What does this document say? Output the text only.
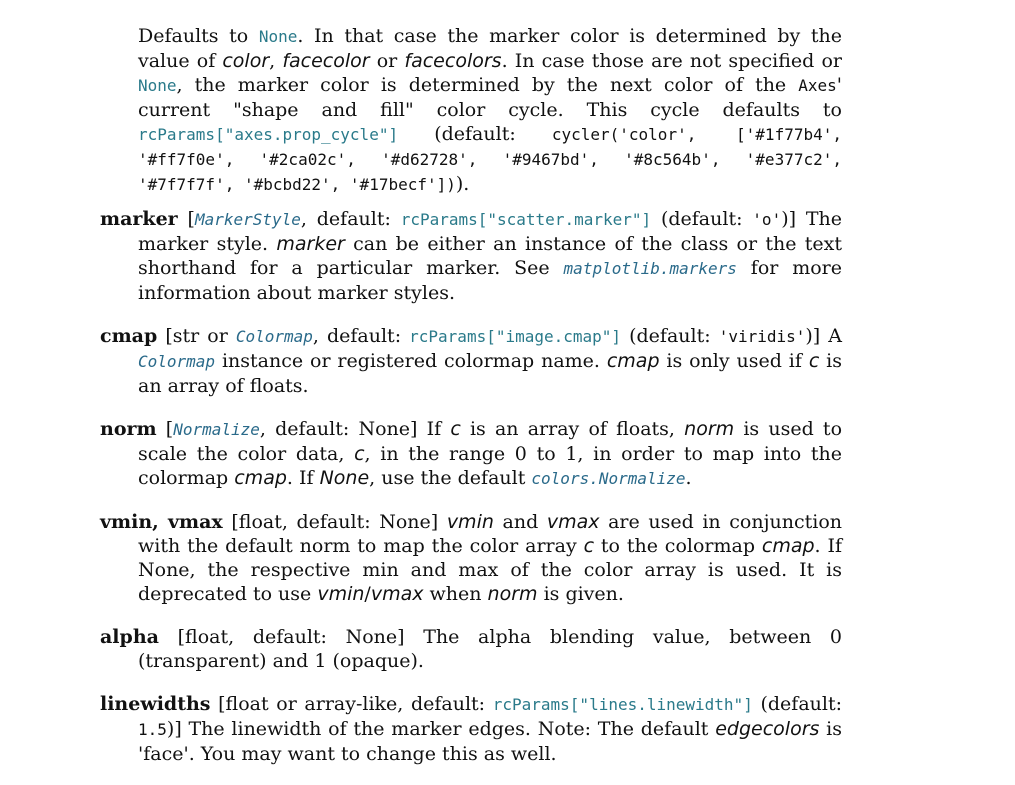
Defaults to None. In that case the marker color is determined by the value of color, facecolor or facecolors. In case those are not specified or None, the marker color is determined by the next color of the Axes' current "shape and fill" color cycle. This cycle defaults to rcParams["axes.prop_cycle"] (default: cycler('color', ['#1f77b4', '#ff7f0e', '#2ca02c', '#d62728', '#9467bd', '#8c564b', '#e377c2', '#7f7f7f', '#bcbd22', '#17becf'])).

marker [MarkerStyle, default: rcParams["scatter.marker"] (default: 'o')] The marker style. marker can be either an instance of the class or the text shorthand for a particular marker. See matplotlib.markers for more information about marker styles.

cmap [str or Colormap, default: rcParams["image.cmap"] (default: 'viridis')] A Colormap instance or registered colormap name. cmap is only used if c is an array of floats.

norm [Normalize, default: None] If c is an array of floats, norm is used to scale the color data, c, in the range 0 to 1, in order to map into the colormap cmap. If None, use the default colors.Normalize.

vmin, vmax [float, default: None] vmin and vmax are used in conjunction with the default norm to map the color array c to the colormap cmap. If None, the respective min and max of the color array is used. It is deprecated to use vmin/vmax when norm is given.

alpha [float, default: None] The alpha blending value, between 0 (transparent) and 1 (opaque).

linewidths [float or array-like, default: rcParams["lines.linewidth"] (default: 1.5)] The linewidth of the marker edges. Note: The default edgecolors is 'face'. You may want to change this as well.
